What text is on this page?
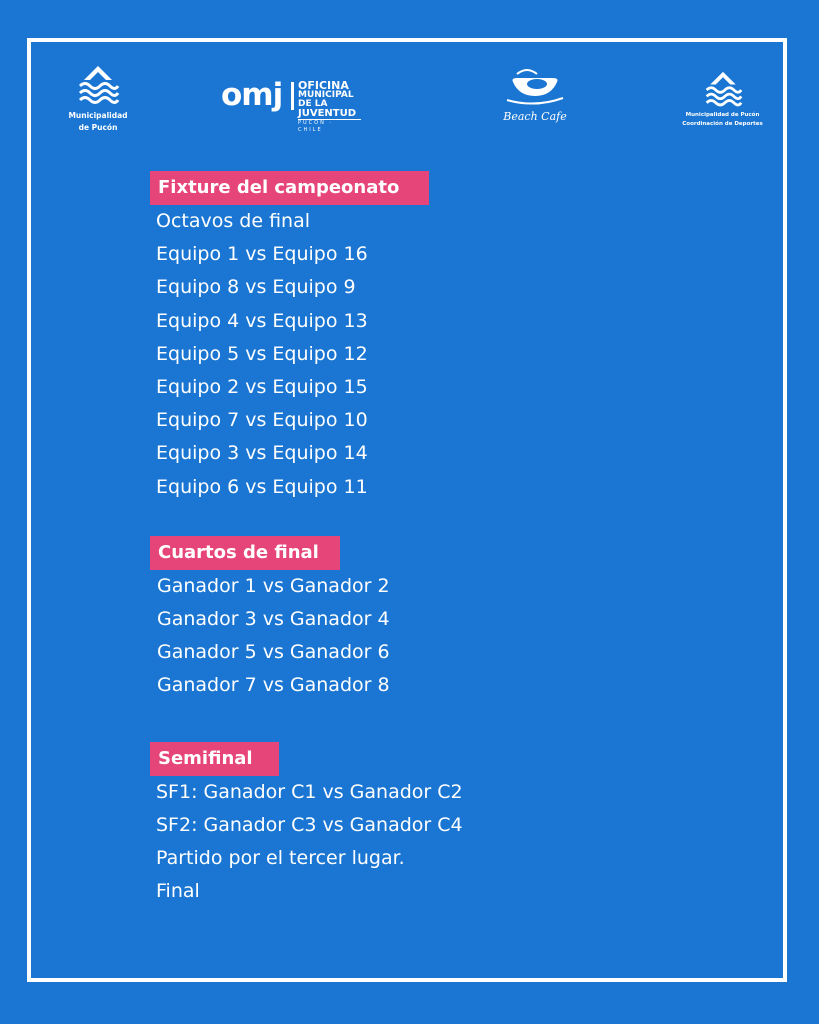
Municipalidad
de Pucón
omj OFICINA
MUNICIPAL DE LA
JUVENTUD
PUCÓN · CHILE
Beach Cafe	Municipalidad de Pucón
Coordinación de Deportes
Fixture del campeonato
Octavos de final
Equipo 1 vs Equipo 16
Equipo 8 vs Equipo 9
Equipo 4 vs Equipo 13
Equipo 5 vs Equipo 12
Equipo 2 vs Equipo 15
Equipo 7 vs Equipo 10
Equipo 3 vs Equipo 14
Equipo 6 vs Equipo 11
Cuartos de final
Ganador 1 vs Ganador 2
Ganador 3 vs Ganador 4
Ganador 5 vs Ganador 6
Ganador 7 vs Ganador 8
Semifinal
SF1: Ganador C1 vs Ganador C2
SF2: Ganador C3 vs Ganador C4
Partido por el tercer lugar.
Final
